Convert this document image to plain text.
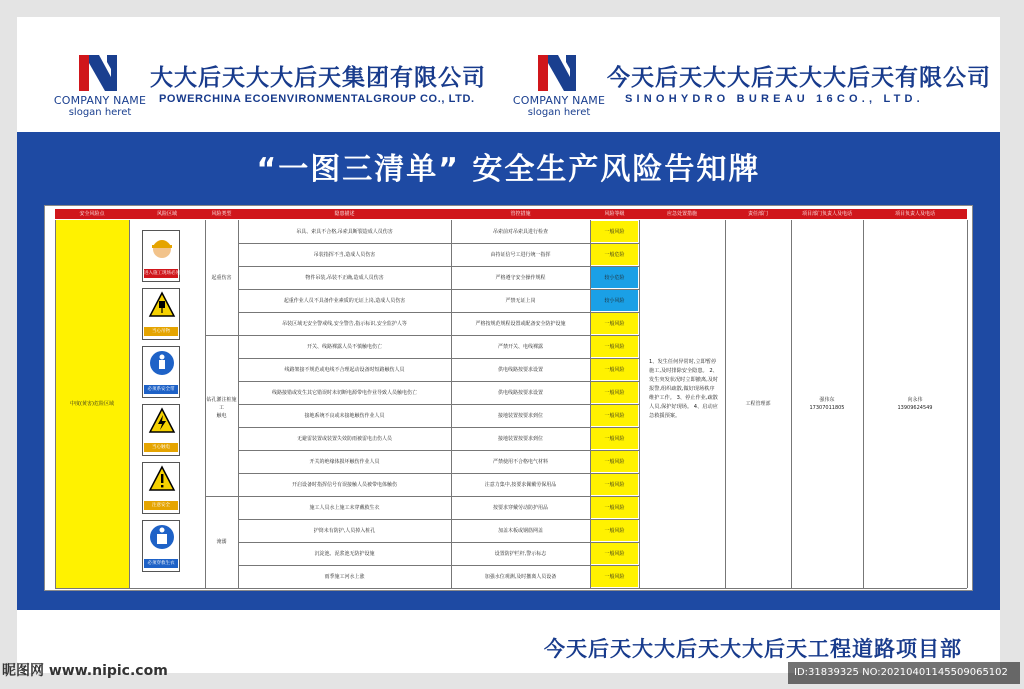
COMPANY NAME
slogan heret
大大后天大大后天集团有限公司
POWERCHINA ECOENVIRONMENTALGROUP CO., LTD.	COMPANY NAME
slogan heret
今天后天大大后天大大后天有限公司
SINOHYDRO BUREAU 16CO., LTD.
“一图三清单” 安全生产风险告知牌
安全风险点	风险区域	风险类型	隐患描述	管控措施	风险等级	应急处置措施	责任部门	项目部门负责人及电话	项目负责人及电话
中度(黄害)危险区域
钻孔灌注桩施工
进入施工现场必须戴安全帽
当心吊物
必须系安全带
当心触电
注意安全
必须穿救生衣
起重伤害
吊具、索具不合格,吊索具断裂造成人员伤害	吊索前对吊索具进行检查	一般风险
吊装指挥不当,造成人员伤害	由持证信号工进行统一指挥	一般危险
物件吊装,吊装不正确,造成人员伤害	严格遵守安全操作规程	较小危险
起重作业人员不具备作业素质的无证上岗,造成人员伤害	严禁无证上岗	较小风险
吊装区域无安全警戒线,安全警告,指示标识,安全监护人等	严格按规范规程设置或配备安全防护设施	一般风险
触电
开关、线路裸露人员不慎触电伤亡	严禁开关、电线裸露	一般风险
线路架接不规范或电线不合理起动设备时短路触伤人员	供电线路按要求设置	一般风险
线路接错或发生其它错误时未切断电源带电作业导致人员触电伤亡	供电线路按要求设置	一般风险
接地系统不良或未接地触伤作业人员	接地装置按要求到位	一般风险
无避雷装置或装置失效防雨被雷电击伤人员	接地装置按要求到位	一般风险
开关的绝缘体损坏触伤作业人员	严禁使用不合格电气材料	一般风险
开启设备时指挥信号有误接触人员被带电体触伤	注意力集中,按要求佩戴劳保用品	一般风险
淹溺
施工人员水上施工未穿戴救生衣	按要求穿戴劳动防护用品	一般风险
护筒未有防护,人员掉入桩孔	加盖木板或钢筋网盖	一般风险
沉淀池、泥浆池无防护设施	设置防护栏杆,警示标志	一般风险
雨季施工河水上涨	加强水位观测,及时撤离人员设备	一般风险
1、发生任何异常时,立即暂停施工,及时排除安全隐患。 2、发生突发状况时立即撤离,及时报警,组织疏散,做好现场秩序维护工作。 3、停止作业,疏散人员,保护好现场。 4、启动应急救援预案。
工程管理部
强伟东
17307011805
向永伟
13909624549
今天后天大大后天大大后天工程道路项目部
昵图网 www.nipic.com	ID:31839325 NO:20210401145509065102
